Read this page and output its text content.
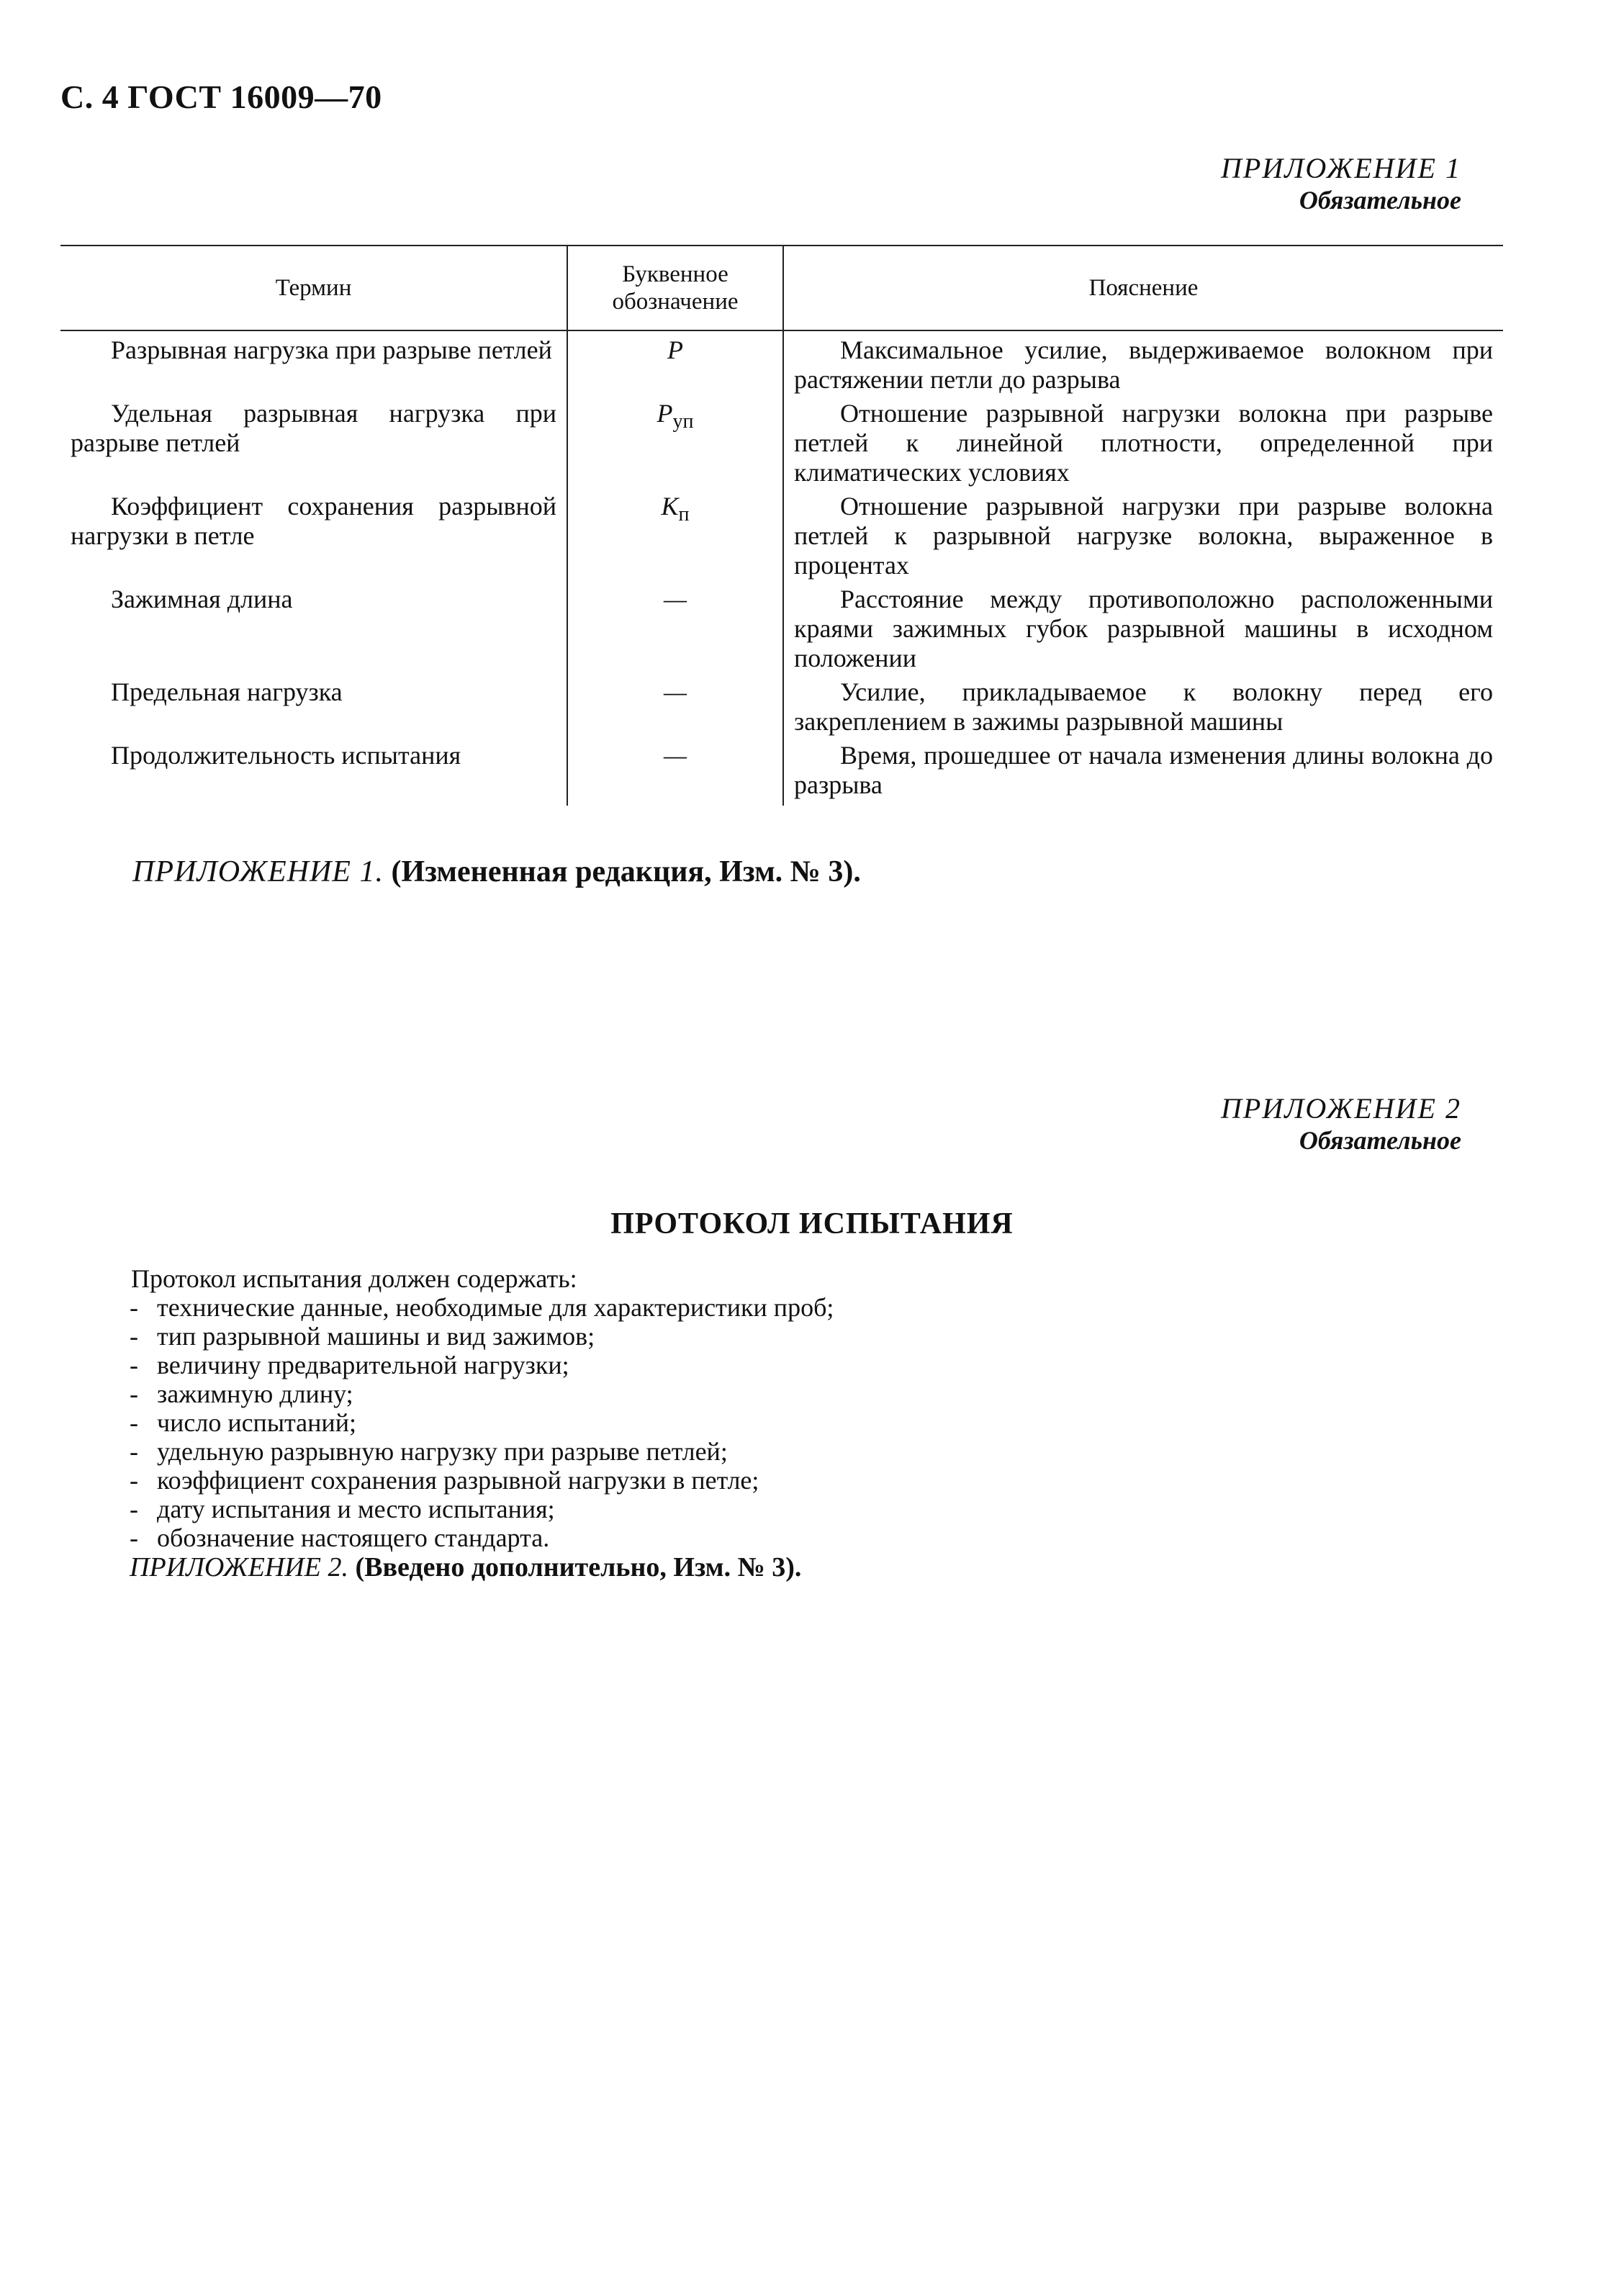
С. 4 ГОСТ 16009—70
ПРИЛОЖЕНИЕ 1
Обязательное
Термин	Буквенное обозначение	Пояснение
Разрывная нагрузка при разрыве петлей	P	Максимальное усилие, выдерживаемое волокном при растяжении петли до разрыва
Удельная разрывная нагрузка при разрыве петлей	$P_{уп}$	Отношение разрывной нагрузки волокна при разрыве петлей к линейной плотности, определенной при климатических условиях
Коэффициент сохранения разрывной нагрузки в петле	$K_п$	Отношение разрывной нагрузки при разрыве волокна петлей к разрывной нагрузке волокна, выраженное в процентах
Зажимная длина	—	Расстояние между противоположно расположенными краями зажимных губок разрывной машины в исходном положении
Предельная нагрузка	—	Усилие, прикладываемое к волокну перед его закреплением в зажимы разрывной машины
Продолжительность испытания	—	Время, прошедшее от начала изменения длины волокна до разрыва
ПРИЛОЖЕНИЕ 1. (Измененная редакция, Изм. № 3).
ПРИЛОЖЕНИЕ 2
Обязательное
ПРОТОКОЛ ИСПЫТАНИЯ

Протокол испытания должен содержать:

- технические данные, необходимые для характеристики проб;
- тип разрывной машины и вид зажимов;
- величину предварительной нагрузки;
- зажимную длину;
- число испытаний;
- удельную разрывную нагрузку при разрыве петлей;
- коэффициент сохранения разрывной нагрузки в петле;
- дату испытания и место испытания;
- обозначение настоящего стандарта.
ПРИЛОЖЕНИЕ 2. (Введено дополнительно, Изм. № 3).
